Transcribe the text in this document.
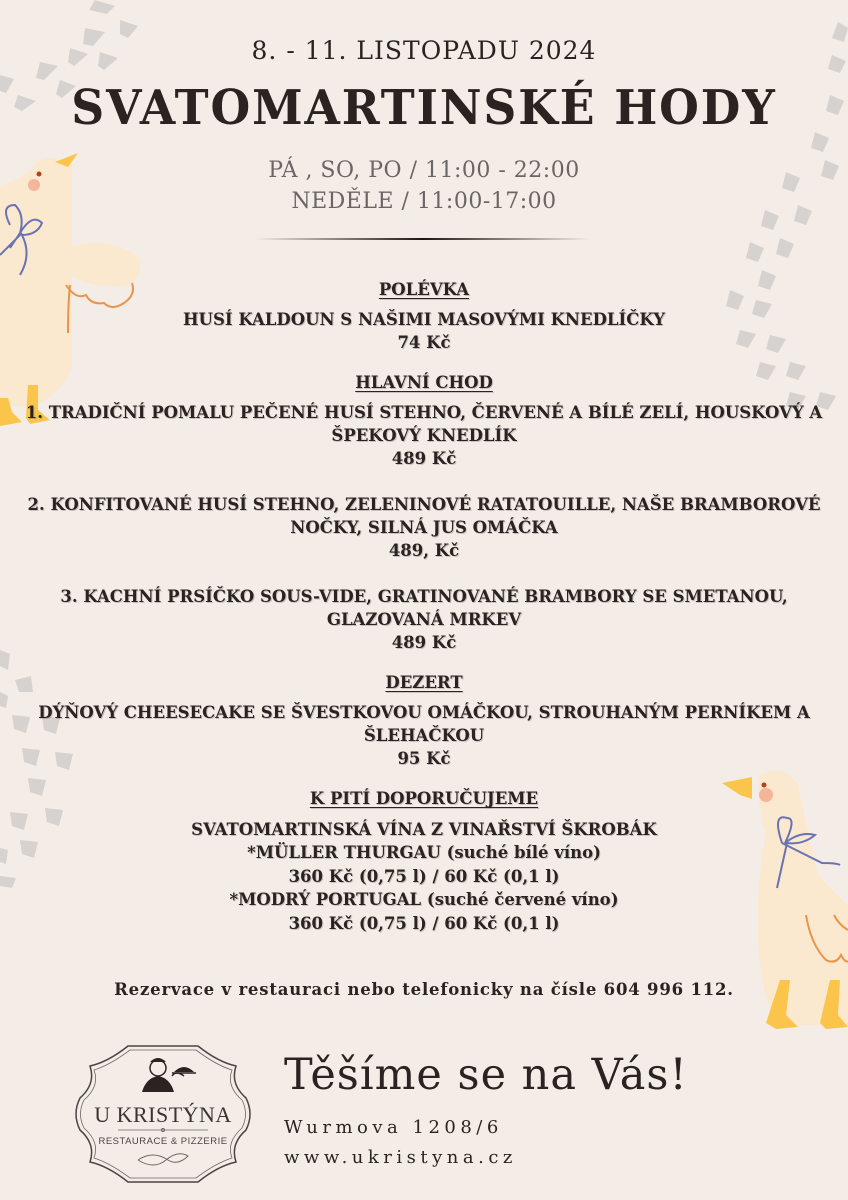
8. - 11. LISTOPADU 2024
SVATOMARTINSKÉ HODY
PÁ , SO, PO / 11:00 - 22:00
NEDĚLE / 11:00-17:00
POLÉVKA
HUSÍ KALDOUN S NAŠIMI MASOVÝMI KNEDLÍČKY
74 Kč
HLAVNÍ CHOD
1. TRADIČNÍ POMALU PEČENÉ HUSÍ STEHNO, ČERVENÉ A BÍLÉ ZELÍ, HOUSKOVÝ A
ŠPEKOVÝ KNEDLÍK
489 Kč
2. KONFITOVANÉ HUSÍ STEHNO, ZELENINOVÉ RATATOUILLE, NAŠE BRAMBOROVÉ
NOČKY, SILNÁ JUS OMÁČKA
489, Kč
3. KACHNÍ PRSÍČKO SOUS-VIDE, GRATINOVANÉ BRAMBORY SE SMETANOU,
GLAZOVANÁ MRKEV
489 Kč
DEZERT
DÝŇOVÝ CHEESECAKE SE ŠVESTKOVOU OMÁČKOU, STROUHANÝM PERNÍKEM A
ŠLEHAČKOU
95 Kč
K PITÍ DOPORUČUJEME
SVATOMARTINSKÁ VÍNA Z VINAŘSTVÍ ŠKROBÁK
*MÜLLER THURGAU (suché bílé víno)
360 Kč (0,75 l) / 60 Kč (0,1 l)
*MODRÝ PORTUGAL (suché červené víno)
360 Kč (0,75 l) / 60 Kč (0,1 l)
Rezervace v restauraci nebo telefonicky na čísle 604 996 112.
U KRISTÝNA
RESTAURACE & PIZZERIE
Těšíme se na Vás!
Wurmova 1208/6
www.ukristyna.cz
